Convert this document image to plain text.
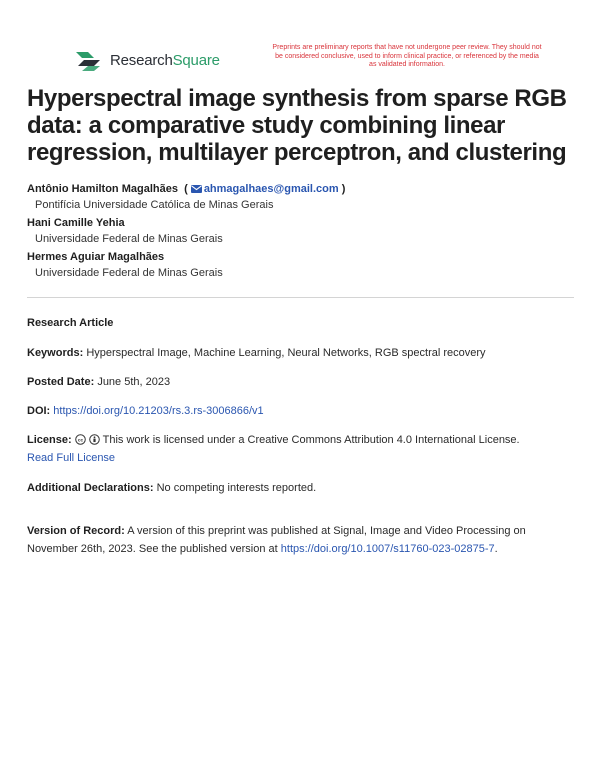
ResearchSquare
Preprints are preliminary reports that have not undergone peer review. They should not be considered conclusive, used to inform clinical practice, or referenced by the media as validated information.
Hyperspectral image synthesis from sparse RGB data: a comparative study combining linear regression, multilayer perceptron, and clustering
Antônio Hamilton Magalhães  ( ahmagalhaes@gmail.com )
Pontifícia Universidade Católica de Minas Gerais
Hani Camille Yehia
Universidade Federal de Minas Gerais
Hermes Aguiar Magalhães
Universidade Federal de Minas Gerais

Research Article

Keywords: Hyperspectral Image, Machine Learning, Neural Networks, RGB spectral recovery

Posted Date: June 5th, 2023

DOI: https://doi.org/10.21203/rs.3.rs-3006866/v1

License: cc This work is licensed under a Creative Commons Attribution 4.0 International License.
Read Full License

Additional Declarations: No competing interests reported.

Version of Record: A version of this preprint was published at Signal, Image and Video Processing on November 26th, 2023. See the published version at https://doi.org/10.1007/s11760-023-02875-7.
